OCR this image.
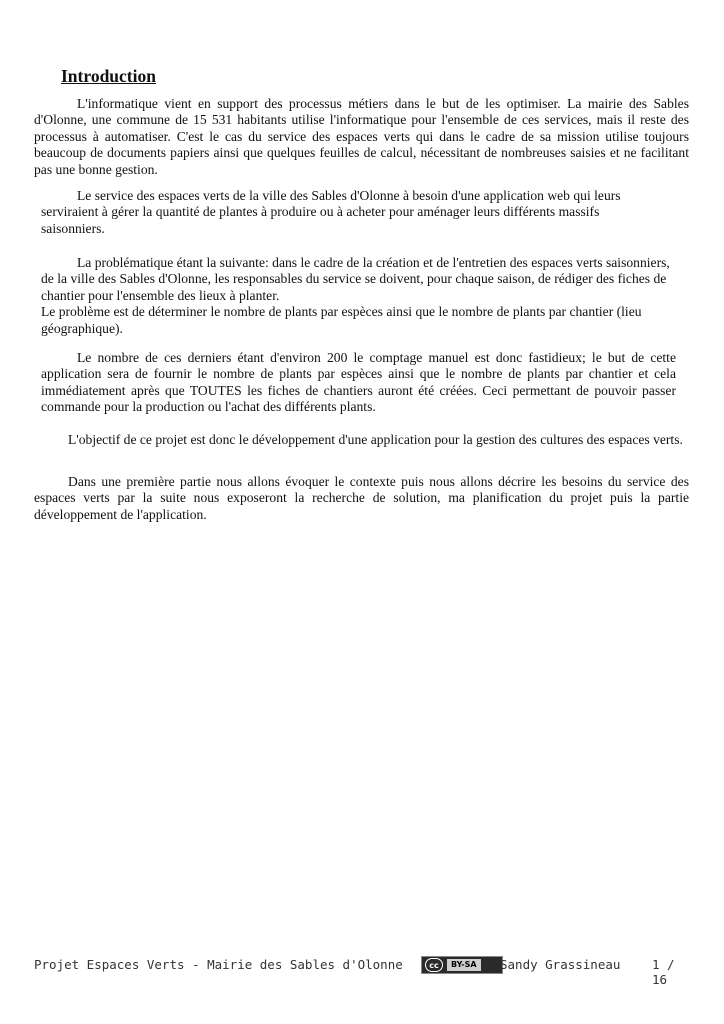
Introduction

L'informatique vient en support des processus métiers dans le but de les optimiser. La mairie des Sables d'Olonne, une commune de 15 531 habitants utilise l'informatique pour l'ensemble de ces services, mais il reste des processus à automatiser. C'est le cas du service des espaces verts qui dans le cadre de sa mission utilise toujours beaucoup de documents papiers ainsi que quelques feuilles de calcul, nécessitant de nombreuses saisies et ne facilitant pas une bonne gestion.

Le service des espaces verts de la ville des Sables d'Olonne à besoin d'une application web qui leurs serviraient à gérer la quantité de plantes à produire ou à acheter pour aménager leurs différents massifs saisonniers.

La problématique étant la suivante: dans le cadre de la création et de l'entretien des espaces verts saisonniers, de la ville des Sables d'Olonne, les responsables du service se doivent, pour chaque saison, de rédiger des fiches de chantier pour l'ensemble des lieux à planter.
Le problème est de déterminer le nombre de plants par espèces ainsi que le nombre de plants par chantier (lieu géographique).

Le nombre de ces derniers étant d'environ 200 le comptage manuel est donc fastidieux; le but de cette application sera de fournir le nombre de plants par espèces ainsi que le nombre de plants par chantier et cela immédiatement après que TOUTES les fiches de chantiers auront été créées. Ceci permettant de pouvoir passer commande pour la production ou l'achat des différents plants.

L'objectif de ce projet est donc le développement d'une application pour la gestion des cultures des espaces verts.

Dans une première partie nous allons évoquer le contexte puis nous allons décrire les besoins du service des espaces verts par la suite nous exposeront la recherche de solution, ma planification du projet puis la partie développement de l'application.

Projet Espaces Verts - Mairie des Sables d'Olonne	cc	BY-SA	Sandy Grassineau	1 / 16
